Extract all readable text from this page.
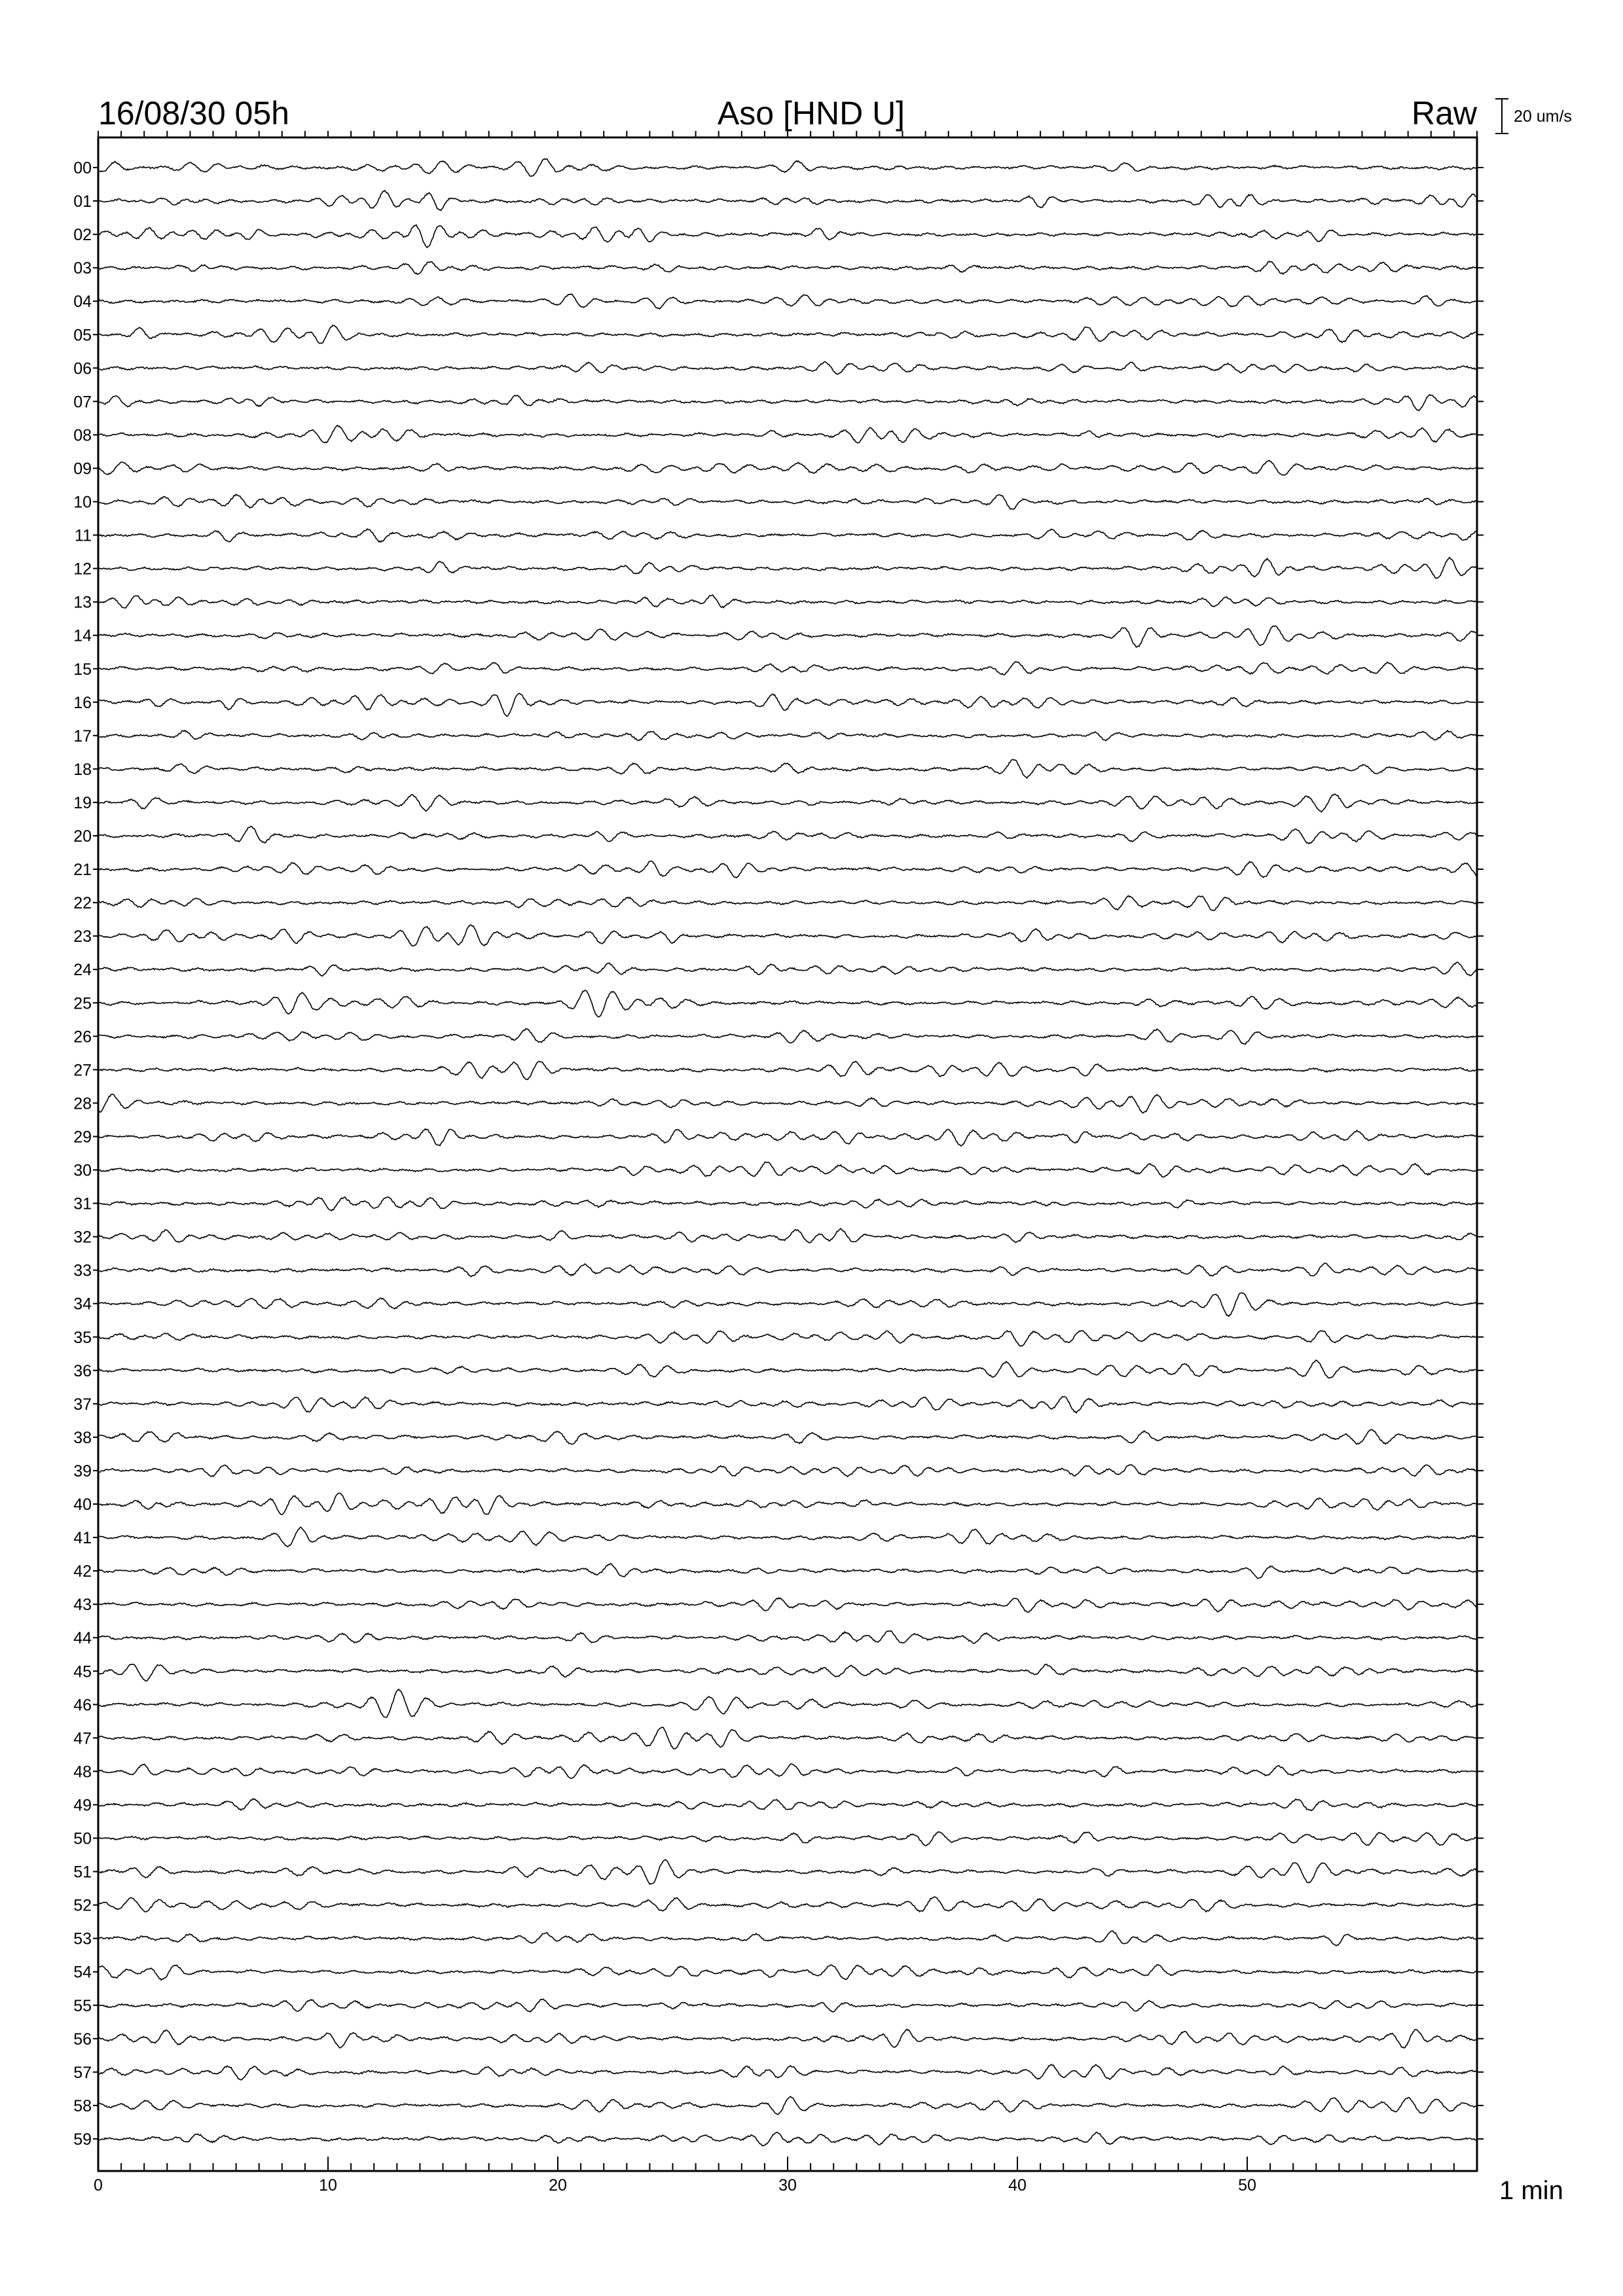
16/08/30 05h	Aso [HND U]	Raw 20 um/s
0	10	20	30	40	50
00
01
02
03
04
05
06
07
08
09
10
11
12
13
14
15
16
17
18
19
20
21
22
23
24
25
26
27
28
29
30
31
32
33
34
35
36
37
38
39
40
41
42
43
44
45
46
47
48
49
50
51
52
53
54
55
56
57
58
59
1 min
